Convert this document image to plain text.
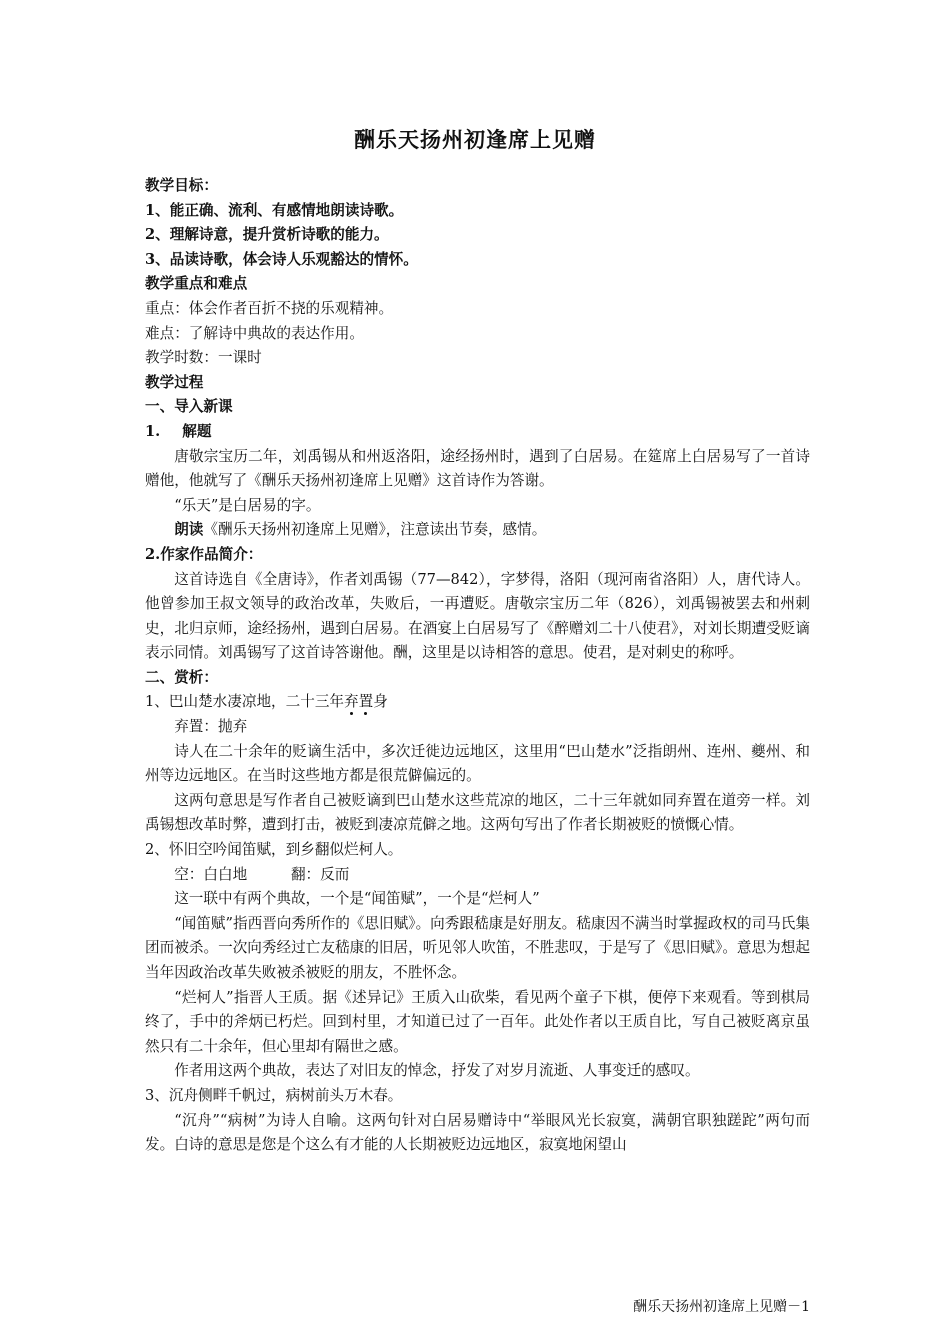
酬乐天扬州初逢席上见赠

教学目标：

1、能正确、流利、有感情地朗读诗歌。

2、理解诗意，提升赏析诗歌的能力。

3、品读诗歌，体会诗人乐观豁达的情怀。

教学重点和难点

重点：体会作者百折不挠的乐观精神。

难点：了解诗中典故的表达作用。

教学时数：一课时

教学过程

一、导入新课

1. 解题

唐敬宗宝历二年，刘禹锡从和州返洛阳，途经扬州时，遇到了白居易。在筵席上白居易写了一首诗赠他，他就写了《酬乐天扬州初逢席上见赠》这首诗作为答谢。

“乐天”是白居易的字。

朗读《酬乐天扬州初逢席上见赠》，注意读出节奏，感情。

2.作家作品简介：

这首诗选自《全唐诗》，作者刘禹锡（77—842），字梦得，洛阳（现河南省洛阳）人，唐代诗人。他曾参加王叔文领导的政治改革，失败后，一再遭贬。唐敬宗宝历二年（826），刘禹锡被罢去和州刺史，北归京师，途经扬州，遇到白居易。在酒宴上白居易写了《醉赠刘二十八使君》，对刘长期遭受贬谪表示同情。刘禹锡写了这首诗答谢他。酬，这里是以诗相答的意思。使君，是对刺史的称呼。

二、赏析：

1、巴山楚水凄凉地，二十三年弃置身

弃置：抛弃

诗人在二十余年的贬谪生活中，多次迁徙边远地区，这里用“巴山楚水”泛指朗州、连州、夔州、和州等边远地区。在当时这些地方都是很荒僻偏远的。

这两句意思是写作者自己被贬谪到巴山楚水这些荒凉的地区，二十三年就如同弃置在道旁一样。刘禹锡想改革时弊，遭到打击，被贬到凄凉荒僻之地。这两句写出了作者长期被贬的愤慨心情。

2、怀旧空吟闻笛赋，到乡翻似烂柯人。

空：白白地　　　翻：反而

这一联中有两个典故，一个是“闻笛赋”，一个是“烂柯人”

“闻笛赋”指西晋向秀所作的《思旧赋》。向秀跟嵇康是好朋友。嵇康因不满当时掌握政权的司马氏集团而被杀。一次向秀经过亡友嵇康的旧居，听见邻人吹笛，不胜悲叹，于是写了《思旧赋》。意思为想起当年因政治改革失败被杀被贬的朋友，不胜怀念。

“烂柯人”指晋人王质。据《述异记》王质入山砍柴，看见两个童子下棋，便停下来观看。等到棋局终了，手中的斧炳已朽烂。回到村里，才知道已过了一百年。此处作者以王质自比，写自己被贬离京虽然只有二十余年，但心里却有隔世之感。

作者用这两个典故，表达了对旧友的悼念，抒发了对岁月流逝、人事变迁的感叹。

3、沉舟侧畔千帆过，病树前头万木春。

“沉舟”“病树”为诗人自喻。这两句针对白居易赠诗中“举眼风光长寂寞，满朝官职独蹉跎”两句而发。白诗的意思是您是个这么有才能的人长期被贬边远地区，寂寞地闲望山

酬乐天扬州初逢席上见赠－1
